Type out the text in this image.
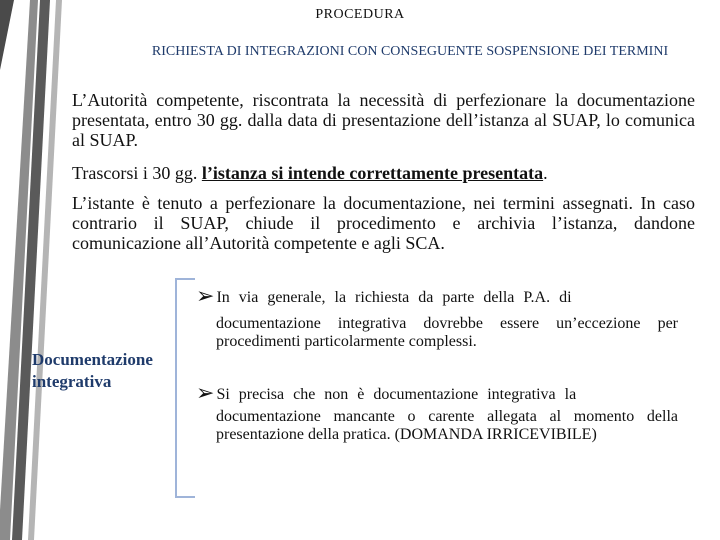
PROCEDURA
RICHIESTA DI INTEGRAZIONI CON CONSEGUENTE SOSPENSIONE DEI TERMINI
L’Autorità competente, riscontrata la necessità di perfezionare la documentazione presentata, entro 30 gg. dalla data di presentazione dell’istanza al SUAP, lo comunica al SUAP.
Trascorsi i 30 gg. l’istanza si intende correttamente presentata.
L’istante è tenuto a perfezionare la documentazione, nei termini assegnati. In caso contrario il SUAP, chiude il procedimento e archivia l’istanza, dandone comunicazione all’Autorità competente e agli SCA.
Documentazione integrativa
➢ In via generale, la richiesta da parte della P.A. di
documentazione integrativa dovrebbe essere un’eccezione per procedimenti particolarmente complessi.
➢ Si precisa che non è documentazione integrativa la
documentazione mancante o carente allegata al momento della presentazione della pratica. (DOMANDA IRRICEVIBILE)
